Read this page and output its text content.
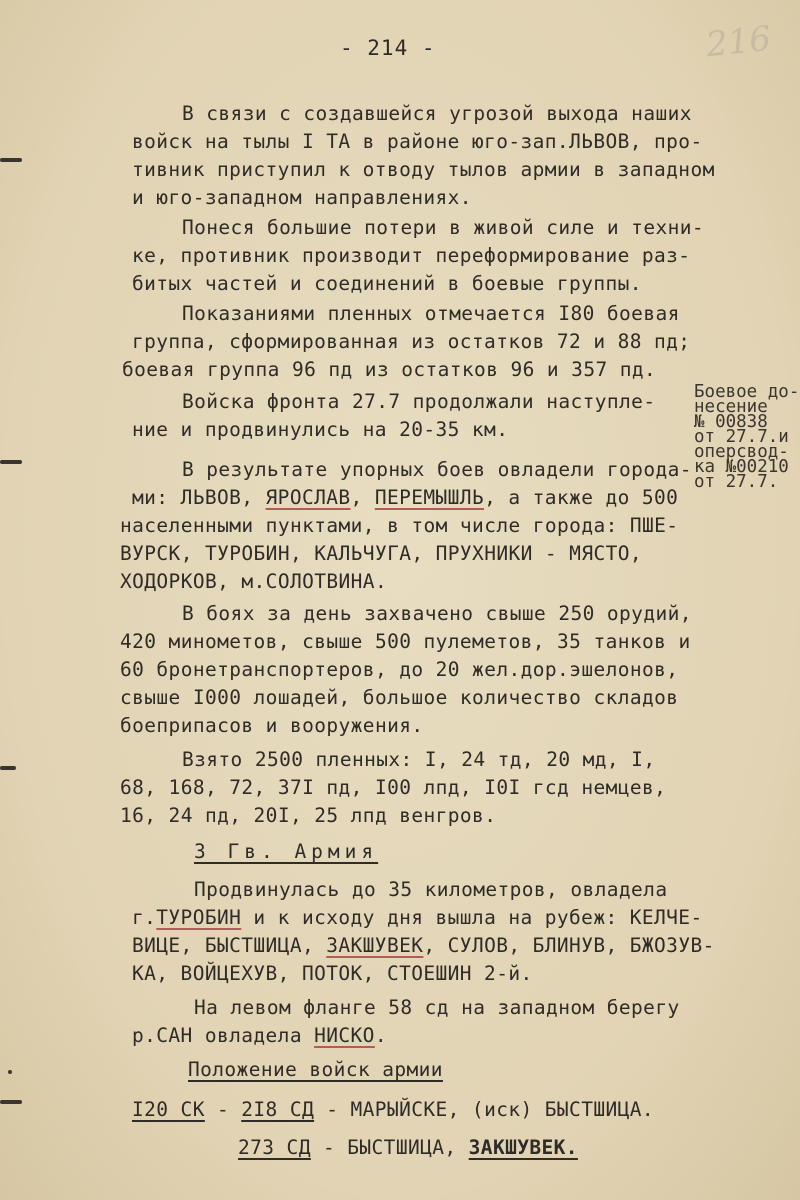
- 214 -	216
В связи с создавшейся угрозой выхода наших
войск на тылы I ТА в районе юго-зап.ЛЬВОВ, про-
тивник приступил к отводу тылов армии в западном
и юго-западном направлениях.
Понеся большие потери в живой силе и техни-
ке, противник производит переформирование раз-
битых частей и соединений в боевые группы.
Показаниями пленных отмечается I80 боевая
группа, сформированная из остатков 72 и 88 пд;
боевая группа 96 пд из остатков 96 и 357 пд.
Войска фронта 27.7 продолжали наступле-
ние и продвинулись на 20-35 км.
Боевое до-
несение
№ 00838
от 27.7.и
оперсвод-
ка №00210
от 27.7.
В результате упорных боев овладели города-
ми: ЛЬВОВ, ЯРОСЛАВ, ПЕРЕМЫШЛЬ, а также до 500
населенными пунктами, в том числе города: ПШЕ-
ВУРСК, ТУРОБИН, КАЛЬЧУГА, ПРУХНИКИ - МЯСТО,
ХОДОРКОВ, м.СОЛОТВИНА.
В боях за день захвачено свыше 250 орудий,
420 минометов, свыше 500 пулеметов, 35 танков и
60 бронетранспортеров, до 20 жел.дор.эшелонов,
свыше I000 лошадей, большое количество складов
боеприпасов и вооружения.
Взято 2500 пленных: I, 24 тд, 20 мд, I,
68, 168, 72, 37I пд, I00 лпд, I0I гсд немцев,
16, 24 пд, 20I, 25 лпд венгров.
3 Гв. Армия
Продвинулась до 35 километров, овладела
г.ТУРОБИН и к исходу дня вышла на рубеж: КЕЛЧЕ-
ВИЦЕ, БЫСТШИЦА, ЗАКШУВЕК, СУЛОВ, БЛИНУВ, БЖОЗУВ-
КА, ВОЙЦЕХУВ, ПОТОК, СТОЕШИН 2-й.
На левом фланге 58 сд на западном берегу
р.САН овладела НИСКО.
Положение войск армии
I20 СК - 2I8 СД - МАРЫЙСКЕ, (иск) БЫСТШИЦА.
273 СД - БЫСТШИЦА, ЗАКШУВЕК.
